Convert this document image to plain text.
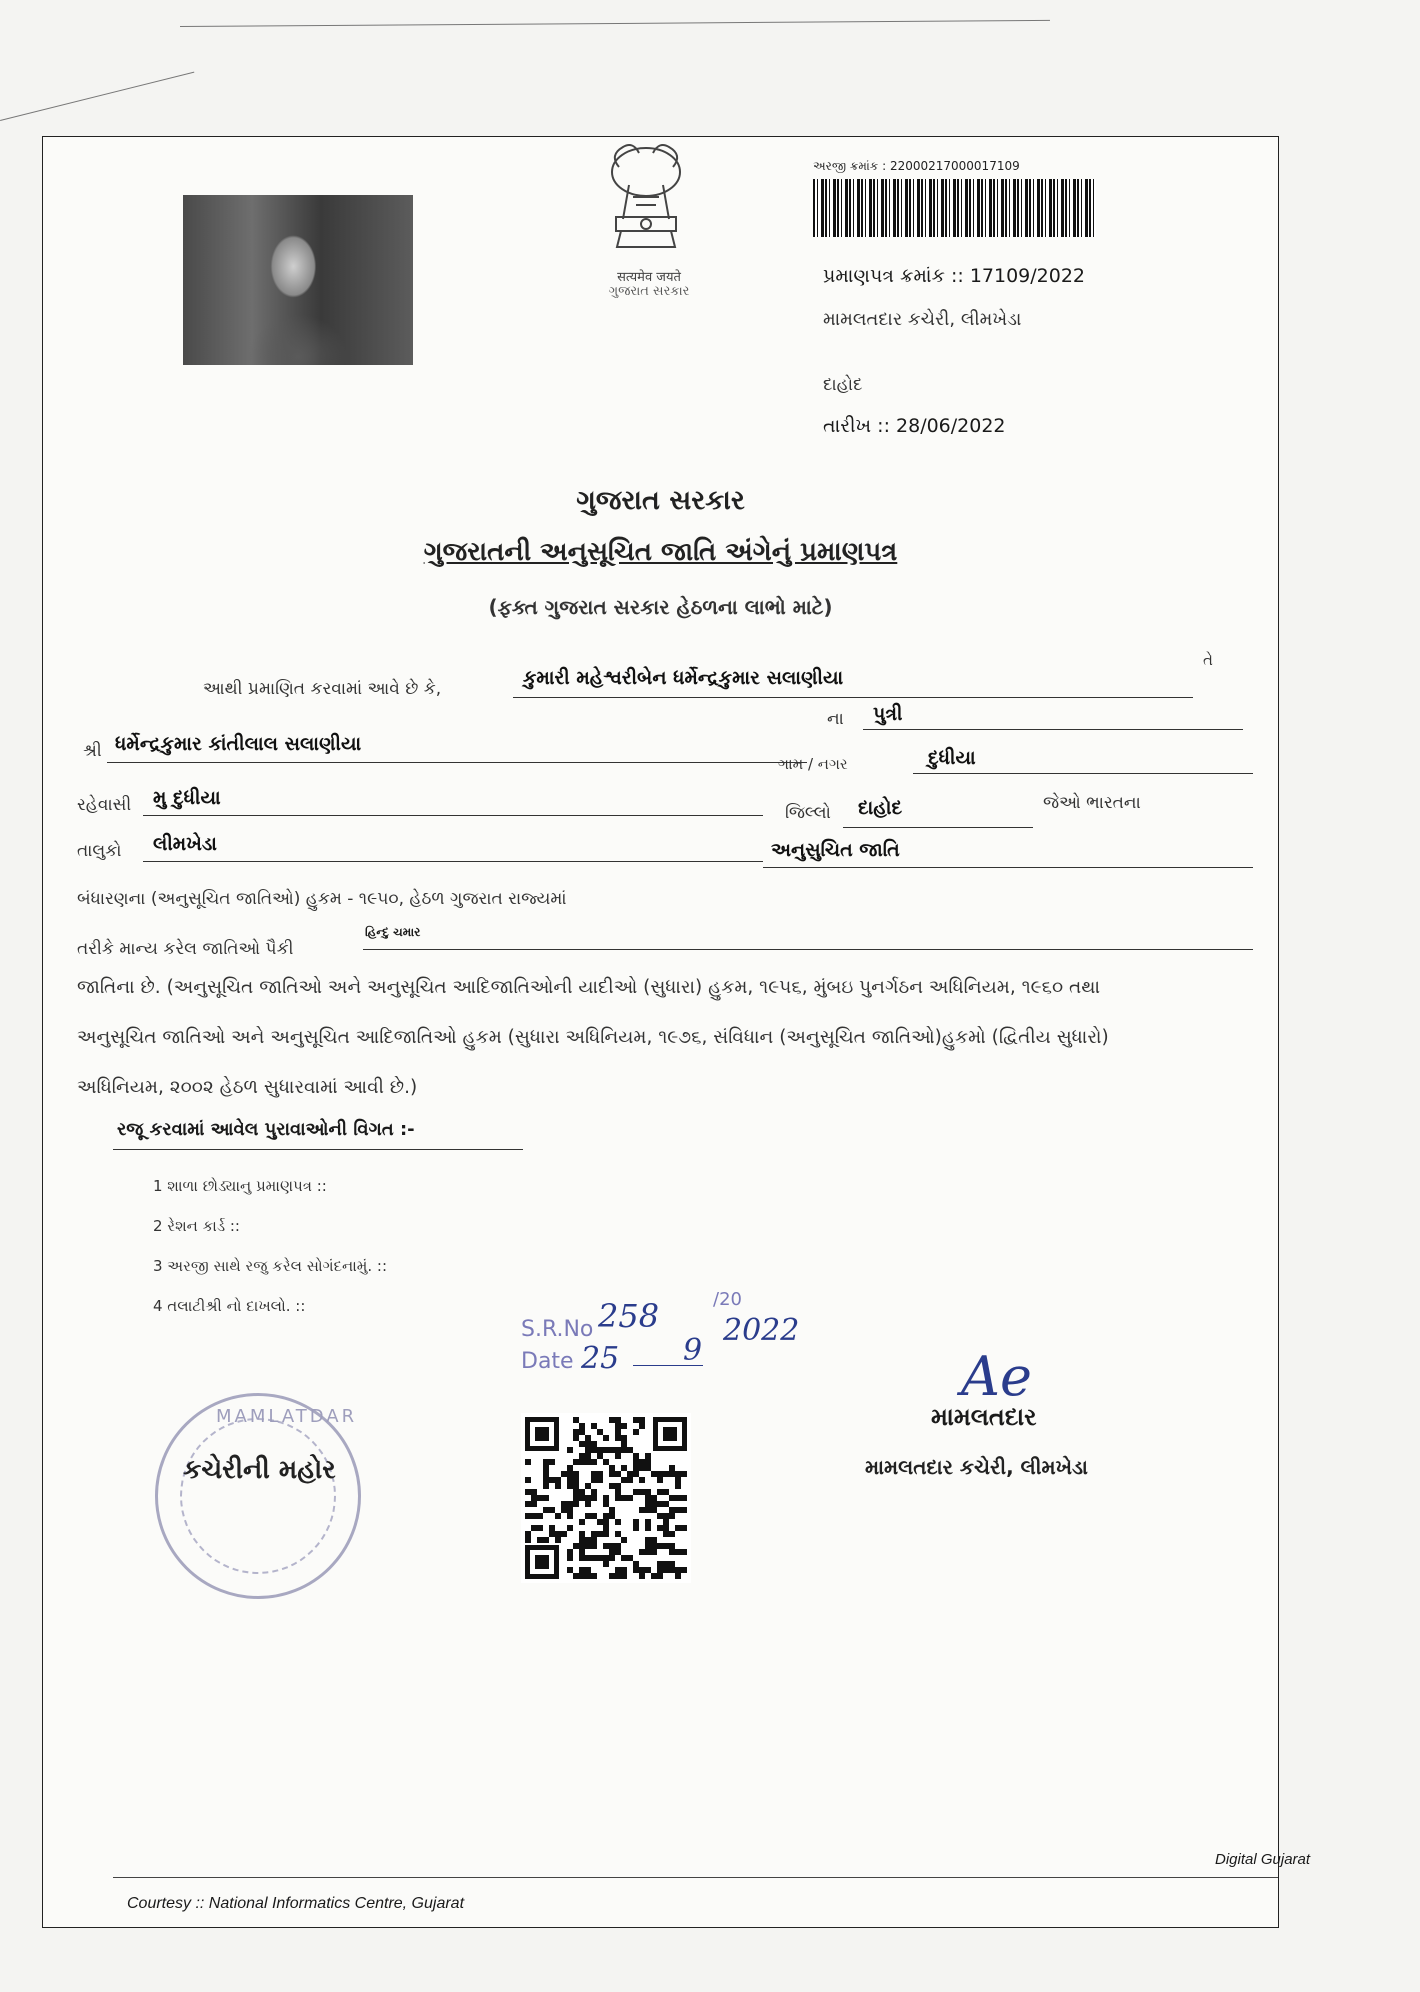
सत्यमेव जयते
ગુજરાત સરકાર
અરજી ક્રમાંક : 22000217000017109
પ્રમાણપત્ર ક્રમાંક :: 17109/2022
મામલતદાર કચેરી, લીમખેડા
દાહોદ
તારીખ :: 28/06/2022
ગુજરાત સરકાર
ગુજરાતની અનુસૂચિત જાતિ અંગેનું પ્રમાણપત્ર
(ફક્ત ગુજરાત સરકાર હેઠળના લાભો માટે)
આથી પ્રમાણિત કરવામાં આવે છે કે,	કુમારી મહેશ્વરીબેન ધર્મેન્દ્રકુમાર સલાણીયા
તે
શ્રી ધર્મેન્દ્રકુમાર કાંતીલાલ સલાણીયા
ના પુત્રી
ગામ / નગર	દુધીયા
રહેવાસી મુ દુધીયા
જિલ્લો દાહોદ	જેઓ ભારતના
તાલુકો લીમખેડા
બંધારણના (અનુસૂચિત જાતિઓ) હુકમ - ૧૯૫૦, હેઠળ ગુજરાત રાજ્યમાં
અનુસુચિત જાતિ
તરીકે માન્ય કરેલ જાતિઓ પૈકી
હિન્દુ ચમાર
જાતિના છે. (અનુસૂચિત જાતિઓ અને અનુસૂચિત આદિજાતિઓની યાદીઓ (સુધારા) હુકમ, ૧૯૫૬, મુંબઇ પુનર્ગઠન અધિનિયમ, ૧૯૬૦ તથા
અનુસૂચિત જાતિઓ અને અનુસૂચિત આદિજાતિઓ હુકમ (સુધારા અધિનિયમ, ૧૯૭૬, સંવિધાન (અનુસૂચિત જાતિઓ)હુકમો (દ્વિતીય સુધારો)
અધિનિયમ, ૨૦૦૨ હેઠળ સુધારવામાં આવી છે.)
રજૂ કરવામાં આવેલ પુરાવાઓની વિગત :-
1 શાળા છોડ્યાનુ પ્રમાણપત્ર ::
2 રેશન કાર્ડ ::
3 અરજી સાથે રજુ કરેલ સોગંદનામું. ::
4 તલાટીશ્રી નો દાખલો. ::
S.R.No
/20
Date
258
25 9
2022
MAMLATDAR
કચેરીની મહોર
Ae
મામલતદાર
મામલતદાર કચેરી, લીમખેડા
Digital Gujarat
Courtesy :: National Informatics Centre, Gujarat
